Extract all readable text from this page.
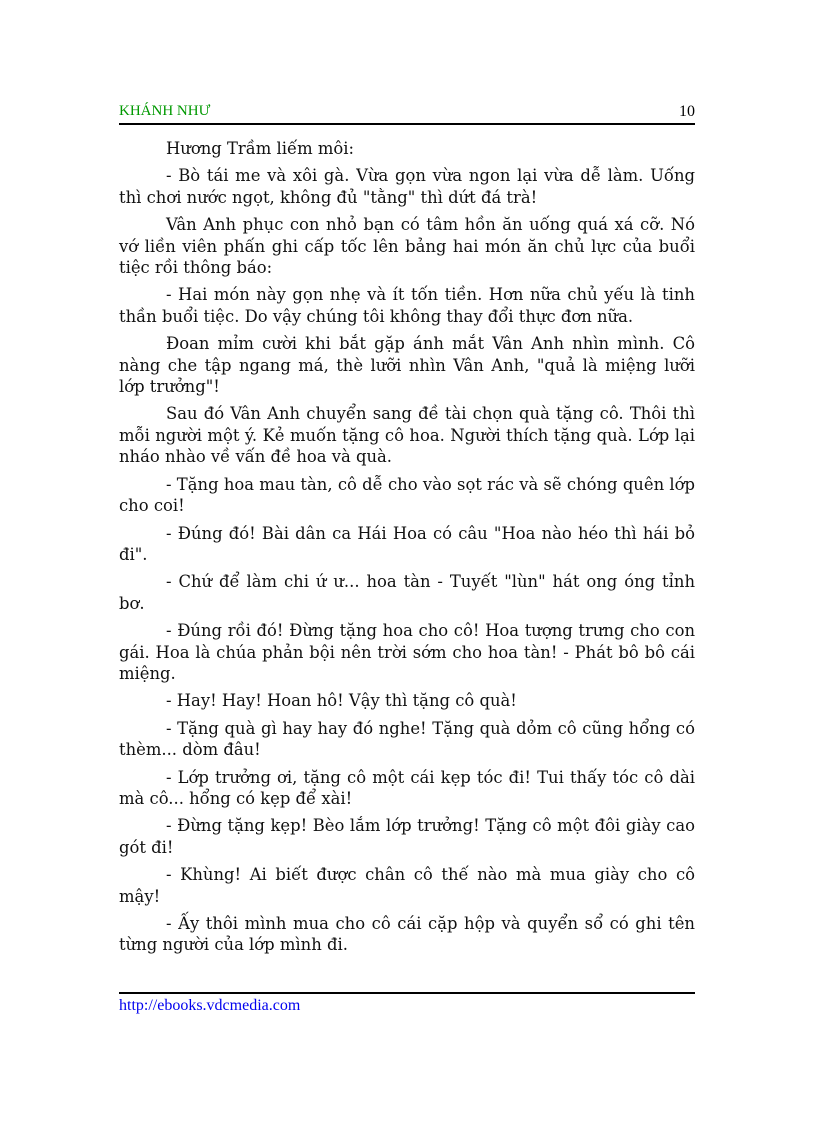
KHÁNH NHƯ	10

Hương Trầm liếm môi:

- Bò tái me và xôi gà. Vừa gọn vừa ngon lại vừa dễ làm. Uống thì chơi nước ngọt, không đủ "tằng" thì dứt đá trà!

Vân Anh phục con nhỏ bạn có tâm hồn ăn uống quá xá cỡ. Nó vớ liền viên phấn ghi cấp tốc lên bảng hai món ăn chủ lực của buổi tiệc rồi thông báo:

- Hai món này gọn nhẹ và ít tốn tiền. Hơn nữa chủ yếu là tinh thần buổi tiệc. Do vậy chúng tôi không thay đổi thực đơn nữa.

Đoan mỉm cười khi bắt gặp ánh mắt Vân Anh nhìn mình. Cô nàng che tập ngang má, thè lưỡi nhìn Vân Anh, "quả là miệng lưỡi lớp trưởng"!

Sau đó Vân Anh chuyển sang đề tài chọn quà tặng cô. Thôi thì mỗi người một ý. Kẻ muốn tặng cô hoa. Người thích tặng quà. Lớp lại nháo nhào về vấn đề hoa và quà.

- Tặng hoa mau tàn, cô dễ cho vào sọt rác và sẽ chóng quên lớp cho coi!

- Đúng đó! Bài dân ca Hái Hoa có câu "Hoa nào héo thì hái bỏ đi".

- Chứ để làm chi ứ ư... hoa tàn - Tuyết "lùn" hát ong óng tỉnh bơ.

- Đúng rồi đó! Đừng tặng hoa cho cô! Hoa tượng trưng cho con gái. Hoa là chúa phản bội nên trời sớm cho hoa tàn! - Phát bô bô cái miệng.

- Hay! Hay! Hoan hô! Vậy thì tặng cô quà!

- Tặng quà gì hay hay đó nghe! Tặng quà dỏm cô cũng hổng có thèm... dòm đâu!

- Lớp trưởng ơi, tặng cô một cái kẹp tóc đi! Tui thấy tóc cô dài mà cô... hổng có kẹp để xài!

- Đừng tặng kẹp! Bèo lắm lớp trưởng! Tặng cô một đôi giày cao gót đi!

- Khùng! Ai biết được chân cô thế nào mà mua giày cho cô mậy!

- Ấy thôi mình mua cho cô cái cặp hộp và quyển sổ có ghi tên từng người của lớp mình đi.

http://ebooks.vdcmedia.com
